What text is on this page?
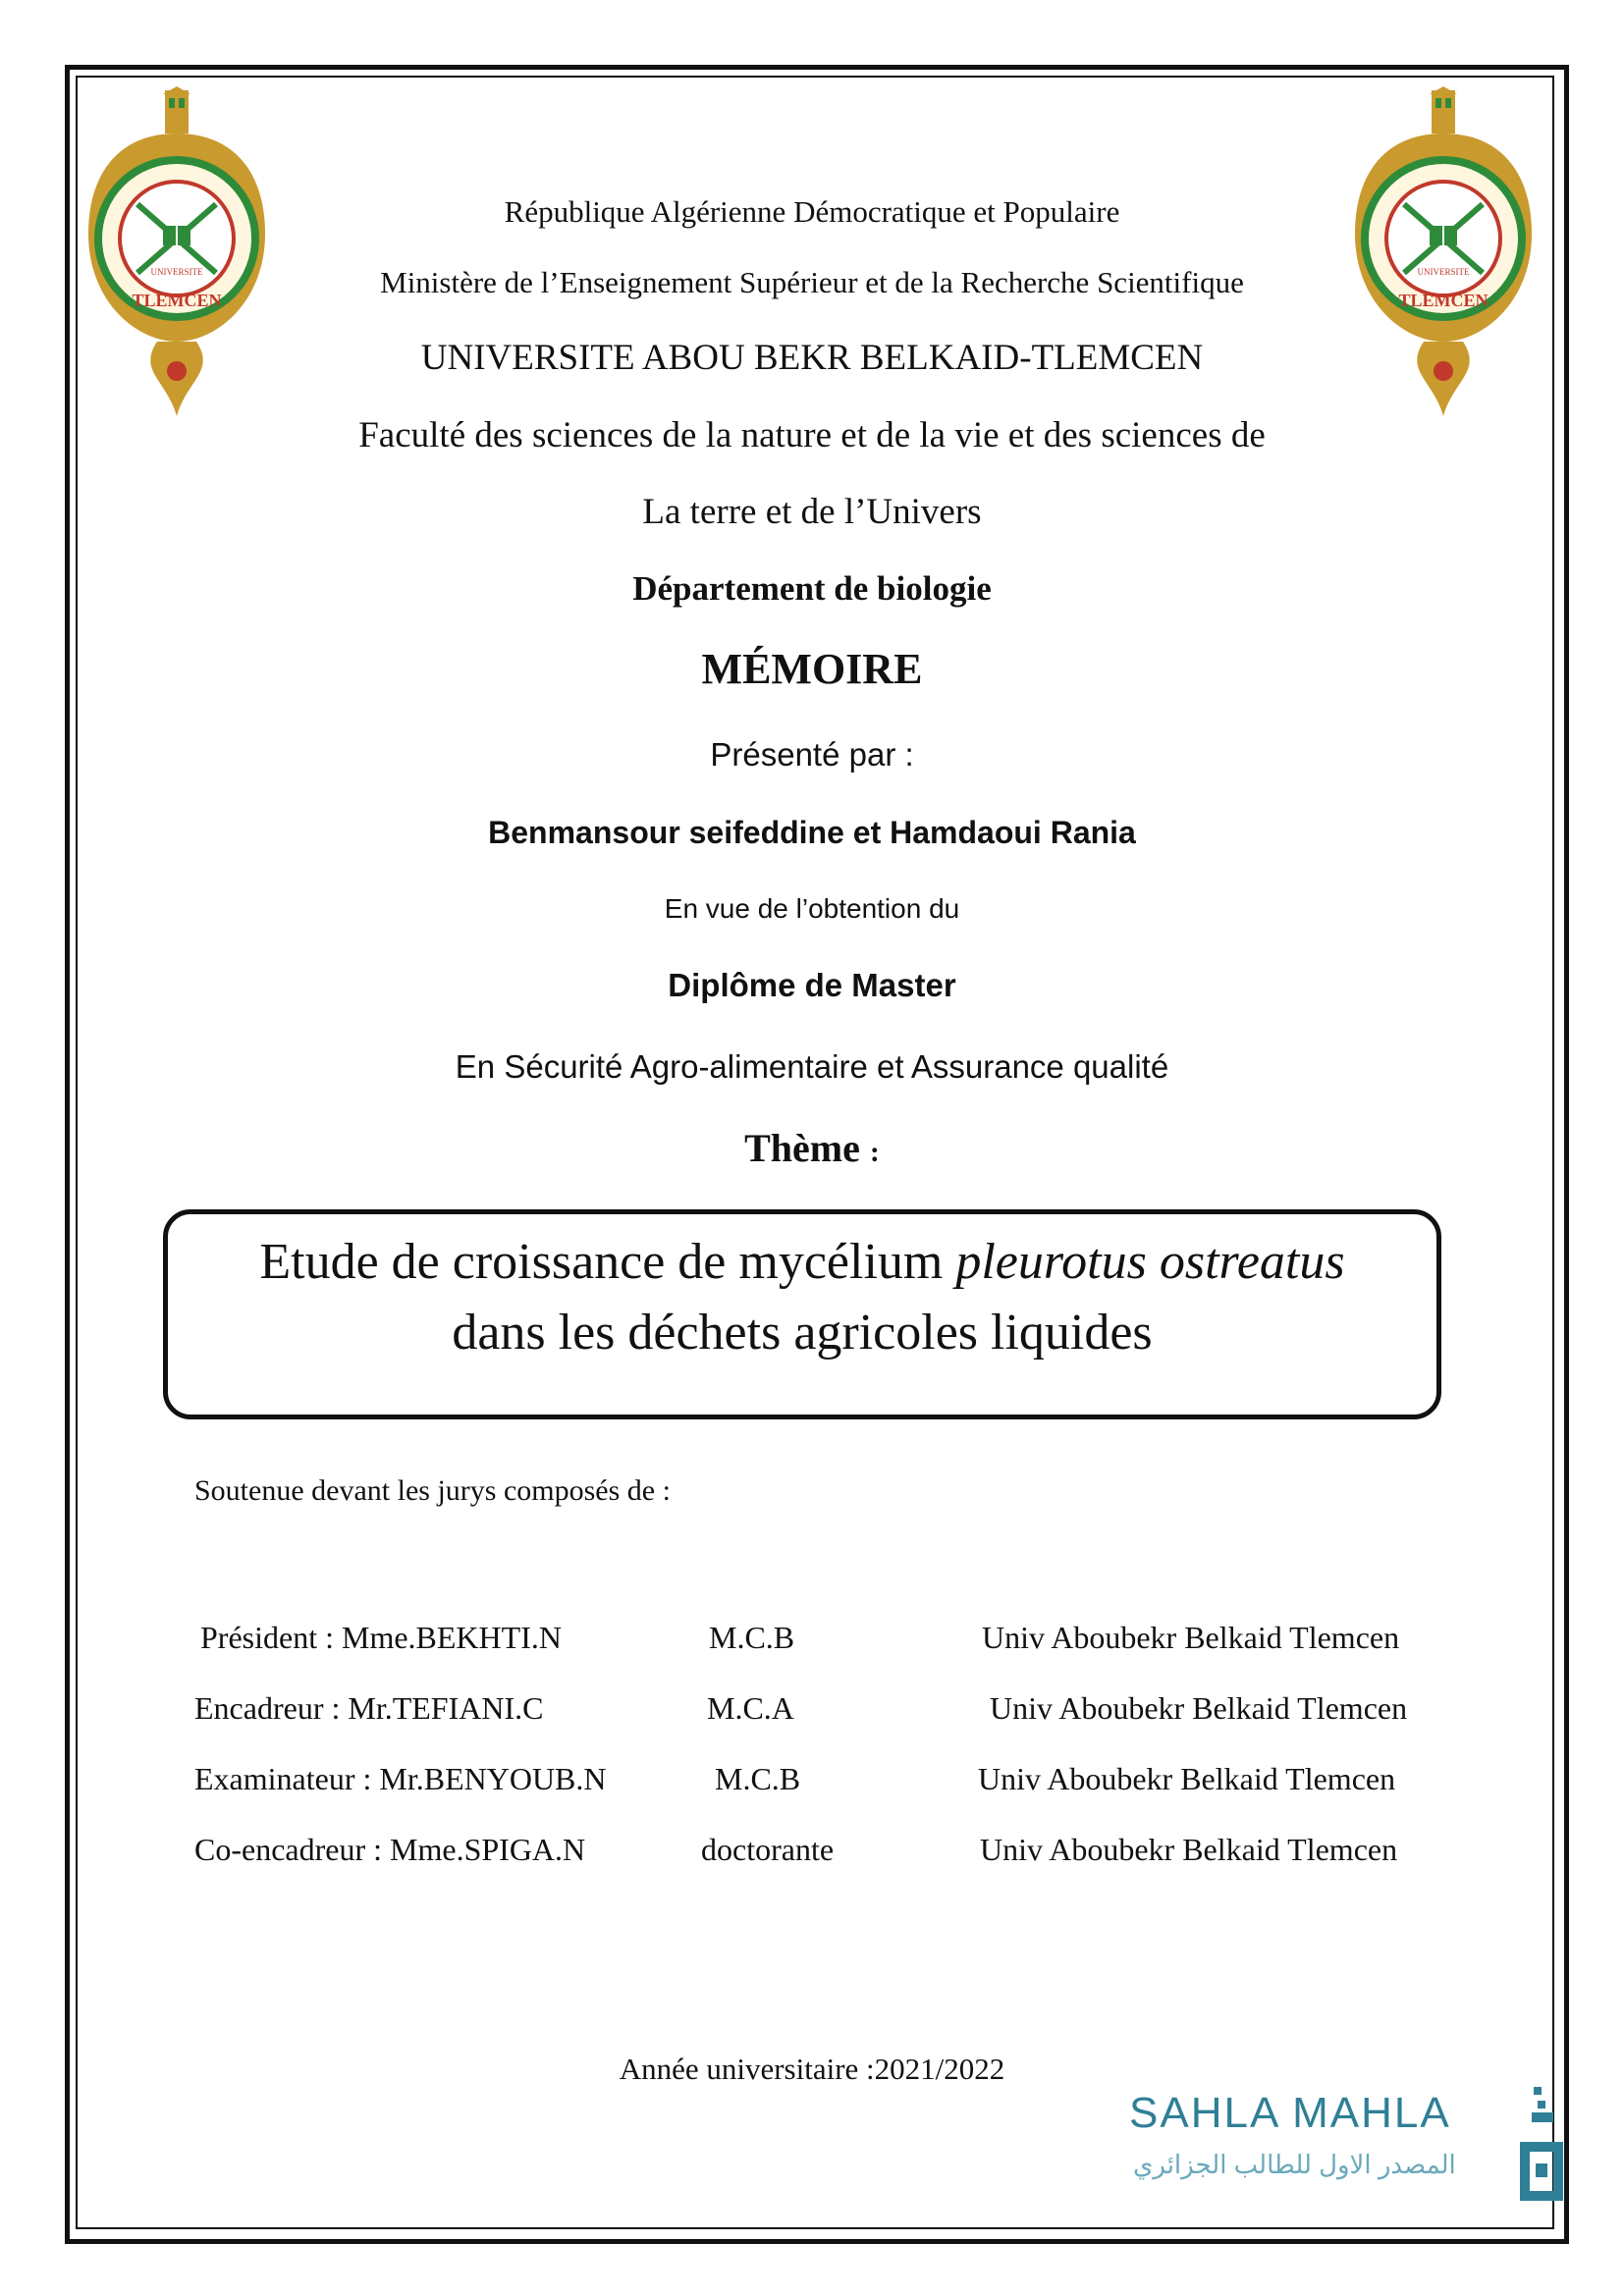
UNIVERSITE
TLEMCEN
UNIVERSITE
TLEMCEN
République Algérienne Démocratique et Populaire
Ministère de l’Enseignement Supérieur et de la Recherche Scientifique
UNIVERSITE ABOU BEKR BELKAID-TLEMCEN
Faculté des sciences de la nature et de la vie et des sciences de
La terre et de l’Univers
Département de biologie
MÉMOIRE
Présenté par :
Benmansour seifeddine et Hamdaoui Rania
En vue de l’obtention du
Diplôme de Master
En Sécurité Agro-alimentaire et Assurance qualité
Thème :
Etude de croissance de mycélium pleurotus ostreatus
dans les déchets agricoles liquides
Soutenue devant les jurys composés de :
Président : Mme.BEKHTI.N	M.C.B	Univ Aboubekr Belkaid Tlemcen
Encadreur : Mr.TEFIANI.C	M.C.A	Univ Aboubekr Belkaid Tlemcen
Examinateur : Mr.BENYOUB.N	M.C.B	Univ Aboubekr Belkaid Tlemcen
Co-encadreur : Mme.SPIGA.N	doctorante	Univ Aboubekr Belkaid Tlemcen
Année universitaire :2021/2022
SAHLA MAHLA
المصدر الاول للطالب الجزائري
